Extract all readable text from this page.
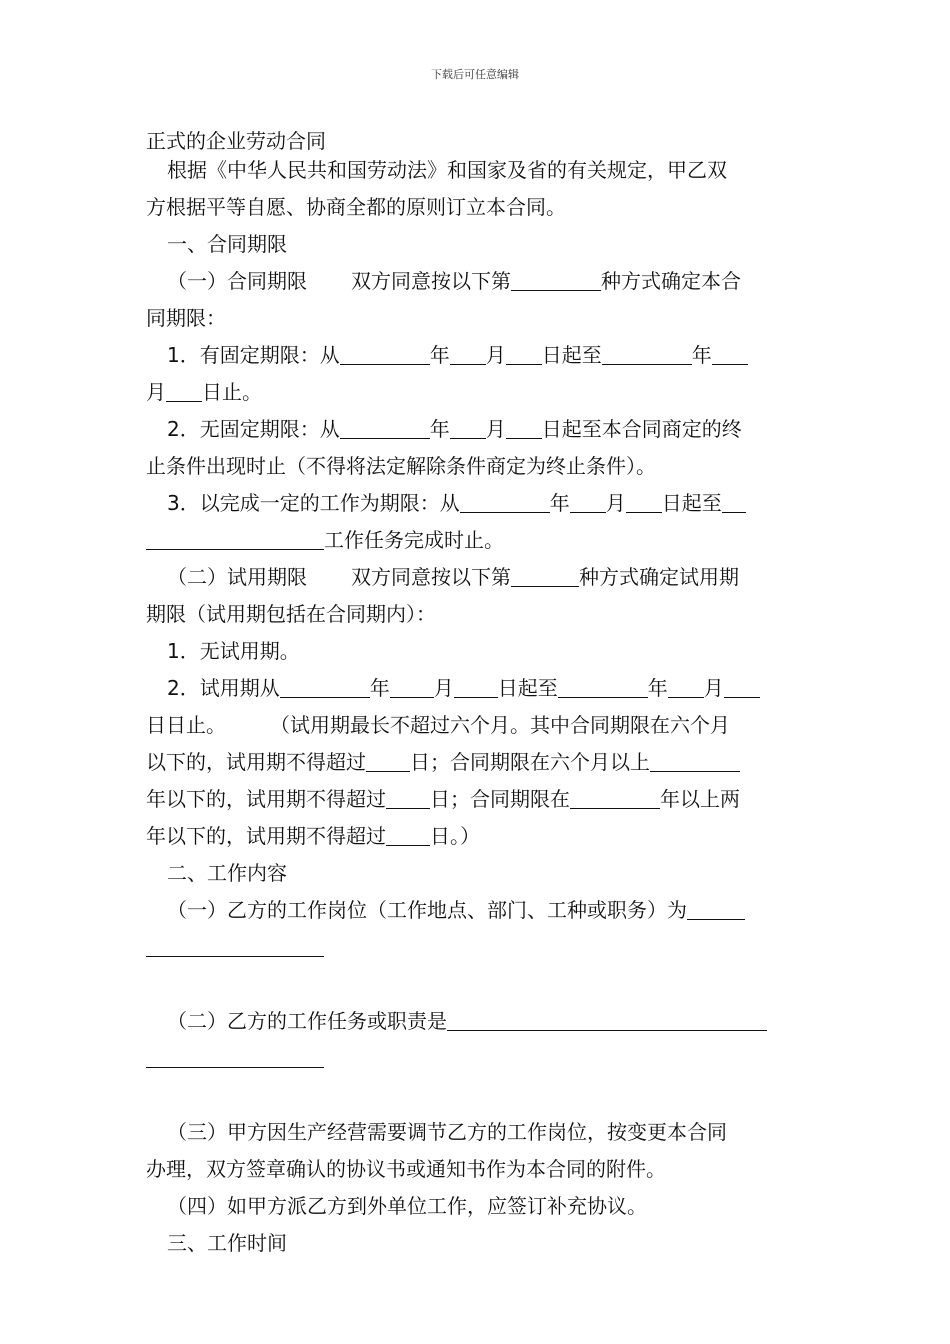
下载后可任意编辑
正式的企业劳动合同

根据《中华人民共和国劳动法》和国家及省的有关规定，甲乙双

方根据平等自愿、协商全都的原则订立本合同。

一、合同期限

（一）合同期限 双方同意按以下第	种方式确定本合

同期限：

1．有固定期限：从	年 月 日起至	年

月 日止。

2．无固定期限：从	年 月 日起至本合同商定的终

止条件出现时止（不得将法定解除条件商定为终止条件）。

3．以完成一定的工作为期限：从	年 月 日起至

工作任务完成时止。

（二）试用期限 双方同意按以下第	种方式确定试用期

期限（试用期包括在合同期内）：

1．无试用期。

2．试用期从	年 月 日起至	年 月

日日止。 （试用期最长不超过六个月。其中合同期限在六个月

以下的，试用期不得超过 日；合同期限在六个月以上

年以下的，试用期不得超过 日；合同期限在	年以上两

年以下的，试用期不得超过 日。）

二、工作内容

（一）乙方的工作岗位（工作地点、部门、工种或职务）为

（二）乙方的工作任务或职责是

（三）甲方因生产经营需要调节乙方的工作岗位，按变更本合同

办理，双方签章确认的协议书或通知书作为本合同的附件。

（四）如甲方派乙方到外单位工作，应签订补充协议。

三、工作时间
